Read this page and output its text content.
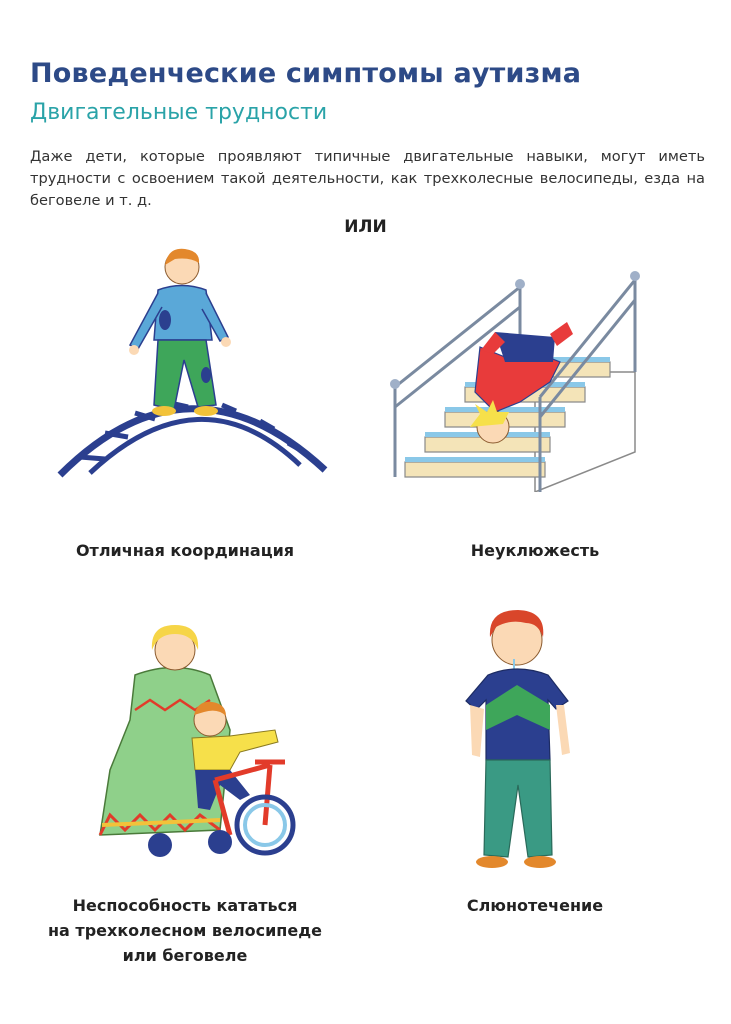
Поведенческие симптомы аутизма
Двигательные трудности
Даже дети, которые проявляют типичные двигательные навыки, могут иметь трудности с освоением такой деятельности, как трехколесные велосипеды, езда на беговеле и т. д.
ИЛИ
Отличная координация	Неуклюжесть
Неспособность кататься
на трехколесном велосипеде
или беговеле
Слюнотечение
